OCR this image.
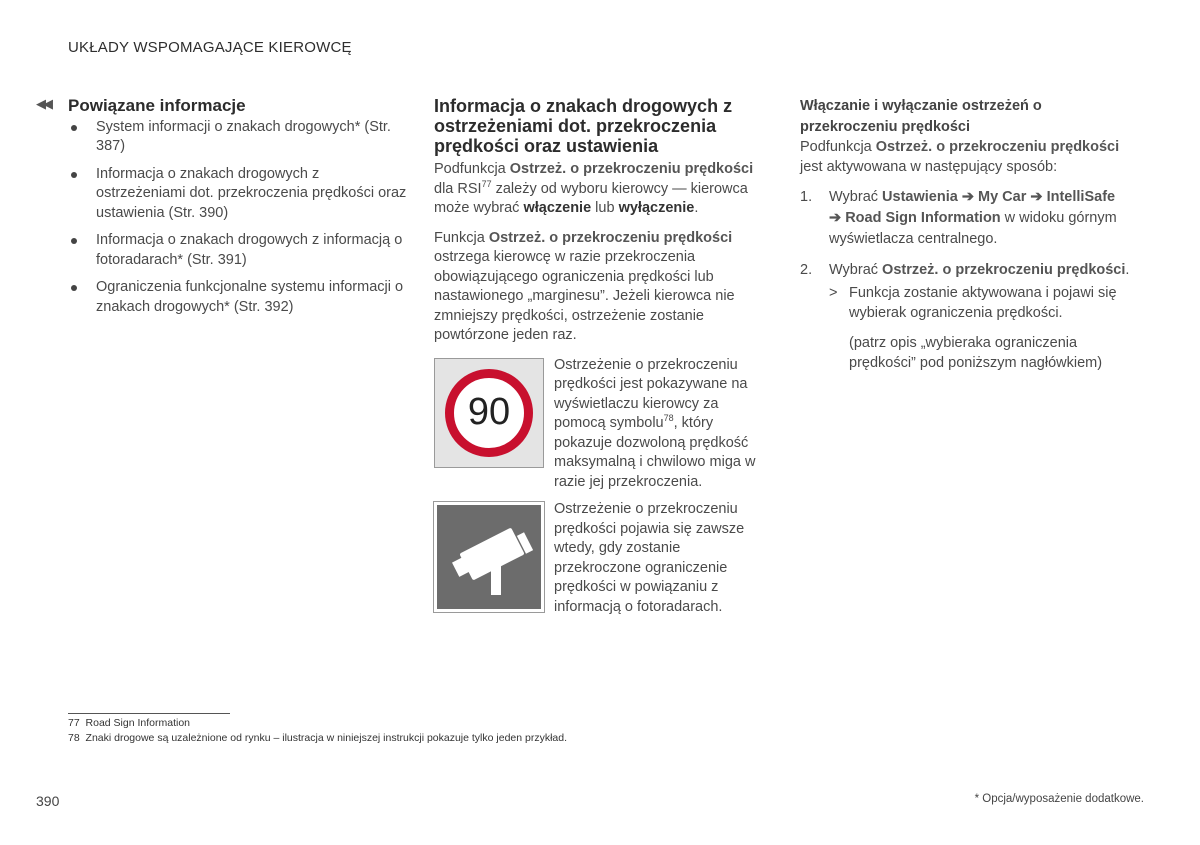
UKŁADY WSPOMAGAJĄCE KIEROWCĘ
◀◀ Powiązane informacje
System informacji o znakach drogowych* (Str. 387)
Informacja o znakach drogowych z ostrzeżeniami dot. przekroczenia prędkości oraz ustawienia (Str. 390)
Informacja o znakach drogowych z informacją o fotoradarach* (Str. 391)
Ograniczenia funkcjonalne systemu informacji o znakach drogowych* (Str. 392)
Informacja o znakach drogowych z ostrzeżeniami dot. przekroczenia prędkości oraz ustawienia

Podfunkcja Ostrzeż. o przekroczeniu prędkości dla RSI$^{77}$ zależy od wyboru kierowcy — kierowca może wybrać włączenie lub wyłączenie.

Funkcja Ostrzeż. o przekroczeniu prędkości ostrzega kierowcę w razie przekroczenia obowiązującego ograniczenia prędkości lub nastawionego „marginesu”. Jeżeli kierowca nie zmniejszy prędkości, ostrzeżenie zostanie powtórzone jeden raz.

90
Ostrzeżenie o przekroczeniu prędkości jest pokazywane na wyświetlaczu kierowcy za pomocą symbolu$^{78}$, który pokazuje dozwoloną prędkość maksymalną i chwilowo miga w razie jej przekroczenia.
Ostrzeżenie o przekroczeniu prędkości pojawia się zawsze wtedy, gdy zostanie przekroczone ograniczenie prędkości w powiązaniu z informacją o fotoradarach.
Włączanie i wyłączanie ostrzeżeń o przekroczeniu prędkości

Podfunkcja Ostrzeż. o przekroczeniu prędkości jest aktywowana w następujący sposób:

1. Wybrać Ustawienia ➔ My Car ➔ IntelliSafe ➔ Road Sign Information w widoku górnym wyświetlacza centralnego.
2. Wybrać Ostrzeż. o przekroczeniu prędkości.
> Funkcja zostanie aktywowana i pojawi się wybierak ograniczenia prędkości.
(patrz opis „wybieraka ograniczenia prędkości” pod poniższym nagłówkiem)
77 Road Sign Information
78 Znaki drogowe są uzależnione od rynku – ilustracja w niniejszej instrukcji pokazuje tylko jeden przykład.
390	* Opcja/wyposażenie dodatkowe.
